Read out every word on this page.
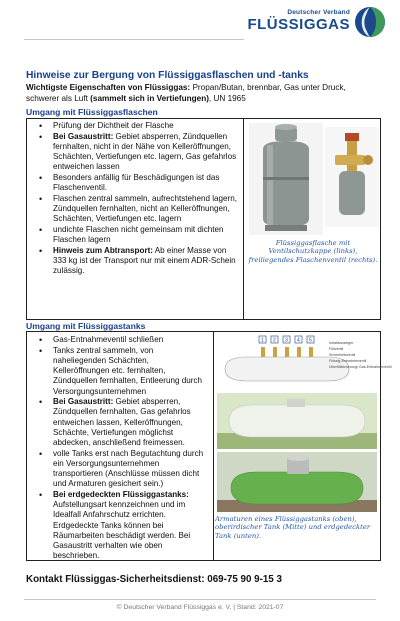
Deutscher Verband
FLÜSSIGGAS
Hinweise zur Bergung von Flüssiggasflaschen und -tanks
Wichtigste Eigenschaften von Flüssiggas: Propan/Butan, brennbar, Gas unter Druck, schwerer als Luft (sammelt sich in Vertiefungen), UN 1965
Umgang mit Flüssiggasflaschen
• Prüfung der Dichtheit der Flasche
• Bei Gasaustritt: Gebiet absperren, Zündquellen fernhalten, nicht in der Nähe von Kelleröffnungen, Schächten, Vertiefungen etc. lagern, Gas gefahrlos entweichen lassen
• Besonders anfällig für Beschädigungen ist das Flaschenventil.
• Flaschen zentral sammeln, aufrechtstehend lagern, Zündquellen fernhalten, nicht an Kelleröffnungen, Schächten, Vertiefungen etc. lagern
• undichte Flaschen nicht gemeinsam mit dichten Flaschen lagern
• Hinweis zum Abtransport: Ab einer Masse von 333 kg ist der Transport nur mit einem ADR-Schein zulässig.
Flüssiggasflasche mit Ventilschutzkappe (links), freiliegendes Flaschenventil (rechts).
Umgang mit Flüssiggastanks
• Gas-Entnahmeventil schließen
• Tanks zentral sammeln, von naheliegenden Schächten, Kelleröffnungen etc. fernhalten, Zündquellen fernhalten, Entleerung durch Versorgungsunternehmen
• Bei Gasaustritt: Gebiet absperren, Zündquellen fernhalten, Gas gefahrlos entweichen lassen, Kelleröffnungen, Schächte, Vertiefungen möglichst abdecken, anschließend freimessen.
• volle Tanks erst nach Begutachtung durch ein Versorgungsunternehmen transportieren (Anschlüsse müssen dicht und Armaturen gesichert sein.)
• Bei erdgedeckten Flüssiggastanks: Aufstellungsart kennzeichnen und im Idealfall Anfahrschutz errichten. Erdgedeckte Tanks können bei Räumarbeiten beschädigt werden. Bei Gasaustritt verhalten wie oben beschrieben.
1 2 3 4 5	Inhaltsanzeiger
Füllventil
Sicherheitsventil
Flüssig-Entnahmeventil
Überfüllsicherung/ Gas-Entnahmeventil
Armaturen eines Flüssiggastanks (oben), oberirdischer Tank (Mitte) und erdgedeckter Tank (unten).
Kontakt Flüssiggas-Sicherheitsdienst: 069-75 90 9-15 3
© Deutscher Verband Flüssiggas e. V. | Stand: 2021-07
